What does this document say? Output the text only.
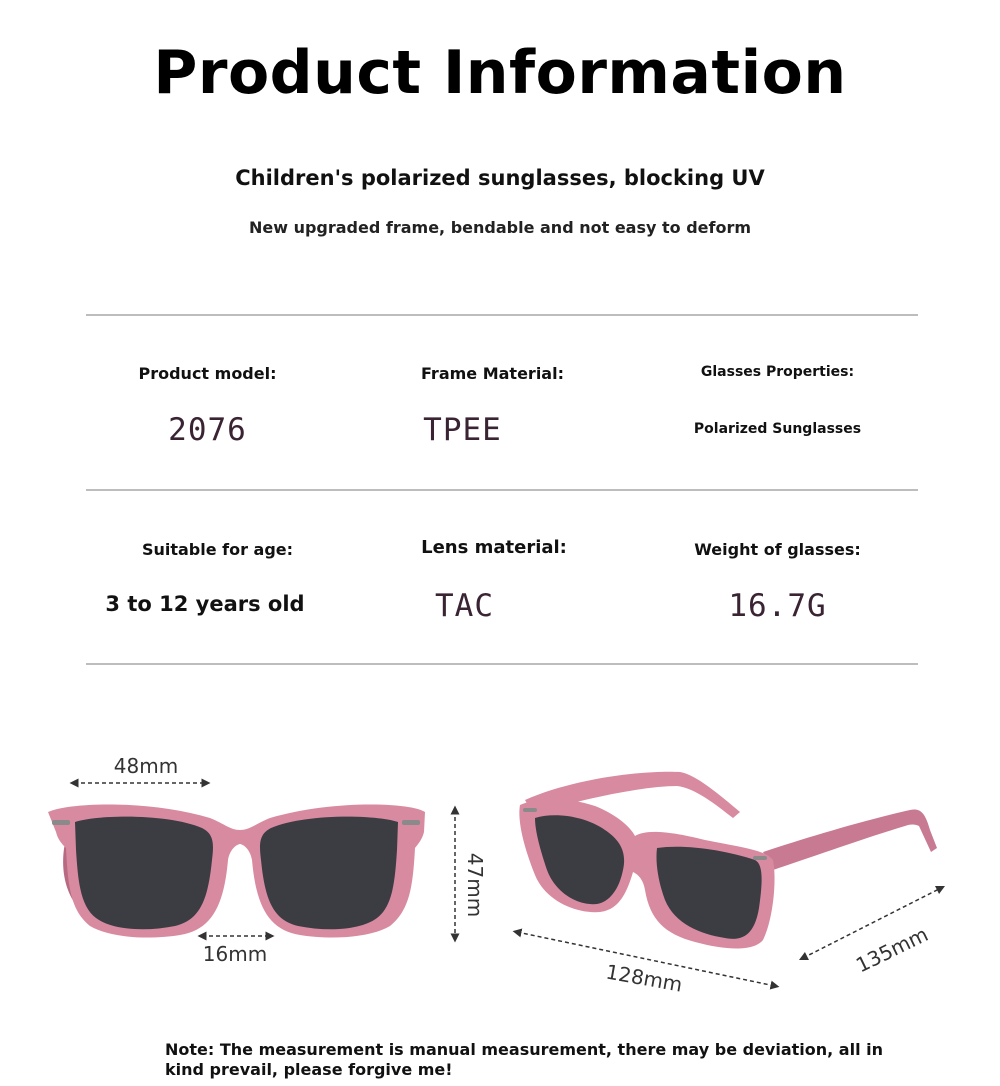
Product Information
Children's polarized sunglasses, blocking UV
New upgraded frame, bendable and not easy to deform
Product model:
2076
Frame Material:
TPEE
Glasses Properties:
Polarized Sunglasses
Suitable for age:
3 to 12 years old
Lens material:
TAC
Weight of glasses:
16.7G
48mm
16mm
47mm
128mm
135mm
Note: The measurement is manual measurement, there may be deviation, all in kind prevail, please forgive me!
